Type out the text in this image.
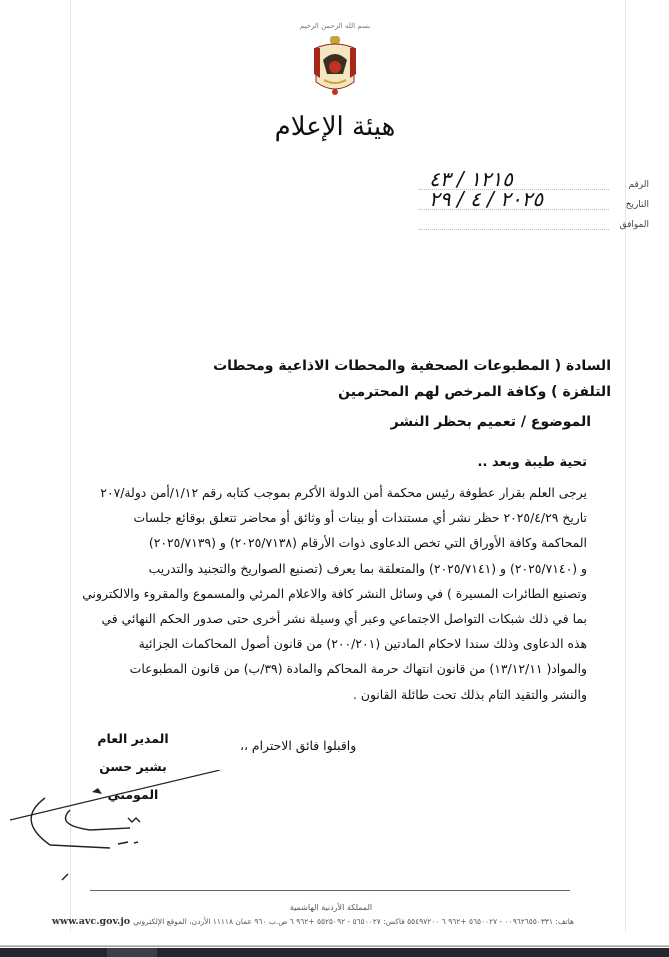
بسم الله الرحمن الرحيم
هيئة الإعلام
الرقم
١٢١٥ / ٤٣
التاريخ
٢٠٢٥ / ٤ / ٢٩
الموافق
السادة ( المطبوعات الصحفية والمحطات الاذاعية ومحطات
التلفزة ) وكافة المرخص لهم المحترمين
الموضوع / تعميم بحظر النشر
تحية طيبة وبعد ..

يرجى العلم بقرار عطوفة رئيس محكمة أمن الدولة الأكرم بموجب كتابه رقم ١/١٢/أمن دولة/٢٠٧

تاريخ ٢٠٢٥/٤/٢٩ حظر نشر أي مستندات أو بينات أو وثائق أو محاضر تتعلق بوقائع جلسات

المحاكمة وكافة الأوراق التي تخص الدعاوى ذوات الأرقام (٢٠٢٥/٧١٣٨) و (٢٠٢٥/٧١٣٩)

و (٢٠٢٥/٧١٤٠) و (٢٠٢٥/٧١٤١) والمتعلقة بما يعرف (تصنيع الصواريخ والتجنيد والتدريب

وتصنيع الطائرات المسيرة ) في وسائل النشر كافة والاعلام المرئي والمسموع والمقروء والالكتروني

بما في ذلك شبكات التواصل الاجتماعي وعبر أي وسيلة نشر أخرى حتى صدور الحكم النهائي في

هذه الدعاوى وذلك سندا لاحكام المادتين (٢٠٠/٢٠١) من قانون أصول المحاكمات الجزائية

والمواد( ١٣/١٢/١١) من قانون انتهاك حرمة المحاكم والمادة (٣٩/ب) من قانون المطبوعات

والنشر والتقيد التام بذلك تحت طائلة القانون .

واقبلوا فائق الاحترام ،،
المدير العام
بشير حسن المومني
المملكة الأردنية الهاشمية
هاتف: ٠٠٩٦٢٦٥٥٠٣٣١ - ٥٦٥٠٠٢٧ +٩٦٢ ٦ ٥٥٤٩٧٢٠٠ فاكس: ٥٦٥٠٠٢٧ - ٥٥٢٥٠٩٢ +٩٦٢ ٦ ص.ب ٩٦٠ عمان ١١١١٨ الأردن، الموقع الإلكتروني
www.avc.gov.jo
